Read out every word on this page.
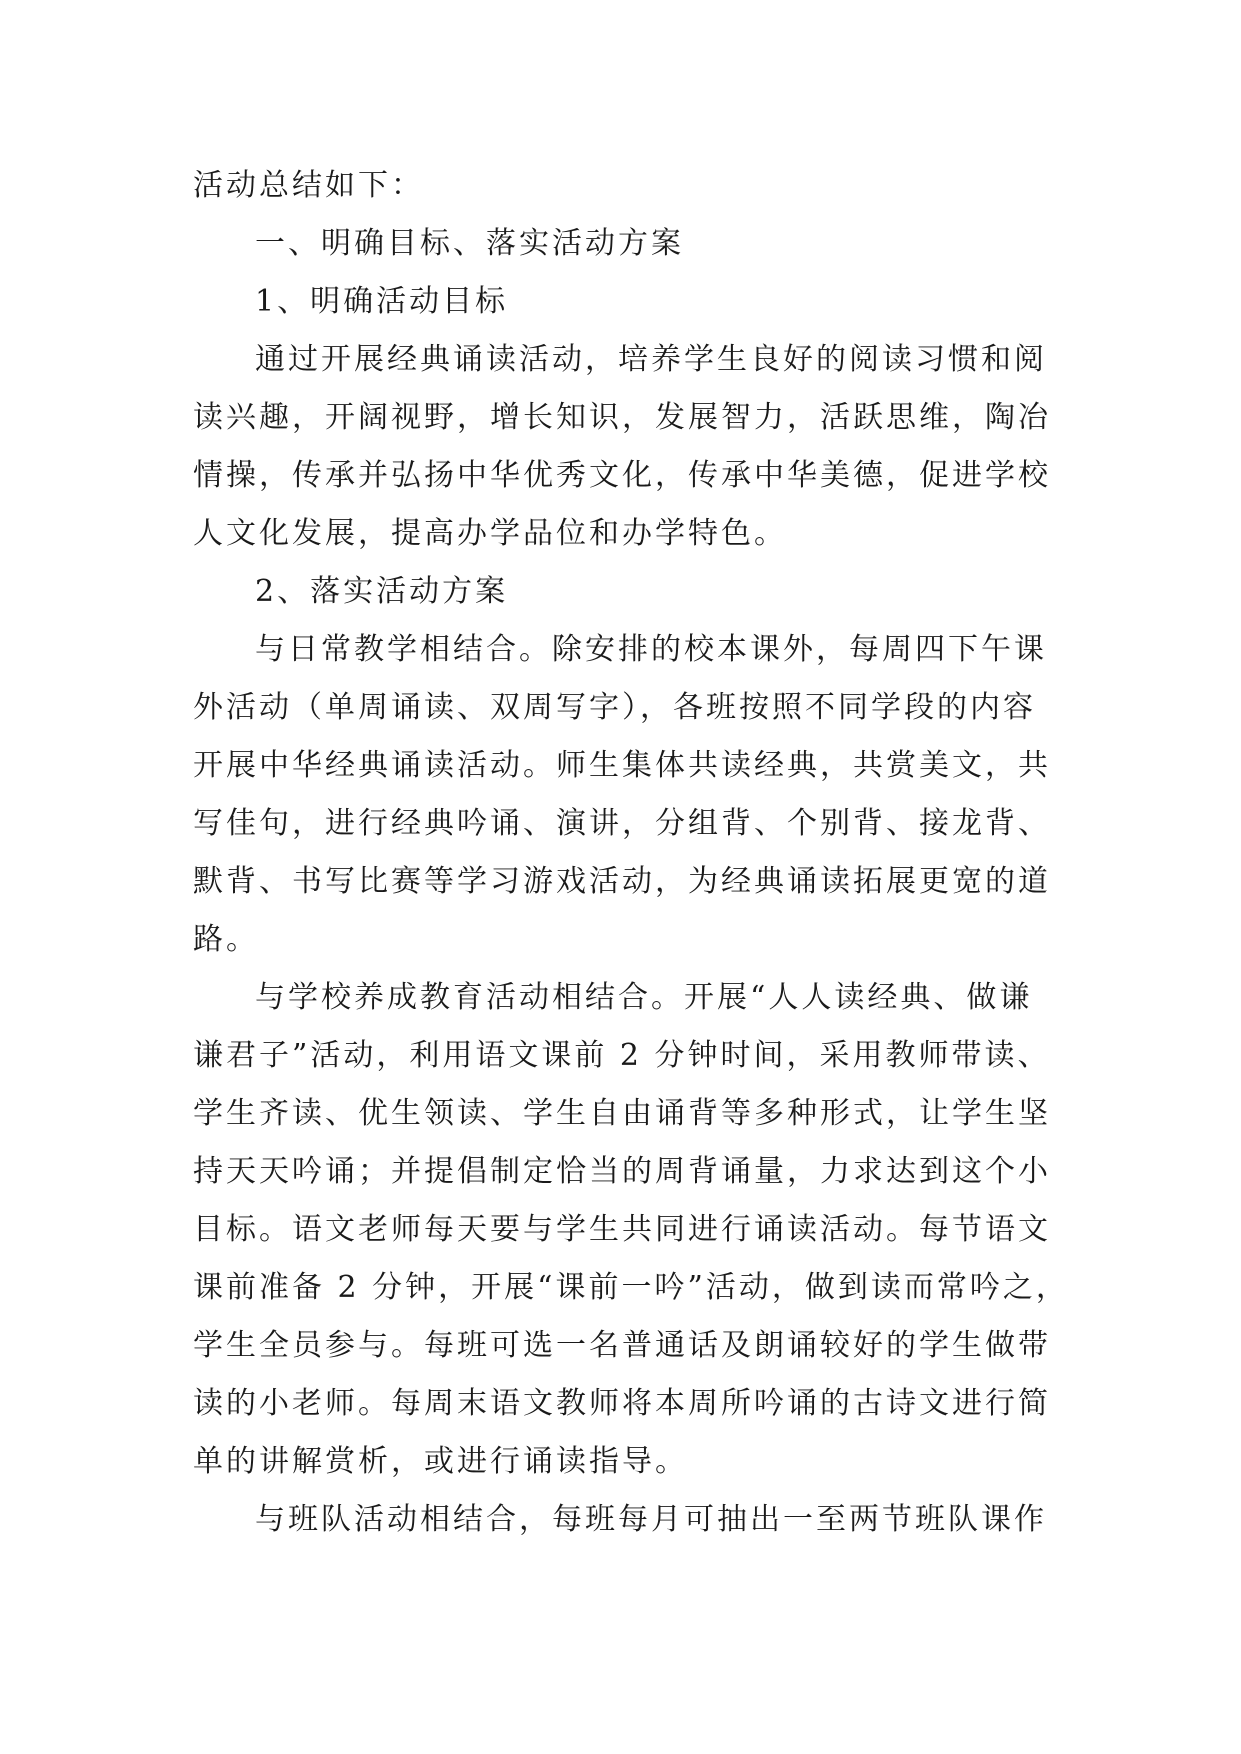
活动总结如下：
一、明确目标、落实活动方案
1、明确活动目标
通过开展经典诵读活动，培养学生良好的阅读习惯和阅
读兴趣，开阔视野，增长知识，发展智力，活跃思维，陶冶
情操，传承并弘扬中华优秀文化，传承中华美德，促进学校
人文化发展，提高办学品位和办学特色。
2、落实活动方案
与日常教学相结合。除安排的校本课外，每周四下午课
外活动（单周诵读、双周写字），各班按照不同学段的内容
开展中华经典诵读活动。师生集体共读经典，共赏美文，共
写佳句，进行经典吟诵、演讲，分组背、个别背、接龙背、
默背、书写比赛等学习游戏活动，为经典诵读拓展更宽的道
路。
与学校养成教育活动相结合。开展“人人读经典、做谦
谦君子”活动，利用语文课前 2 分钟时间，采用教师带读、
学生齐读、优生领读、学生自由诵背等多种形式，让学生坚
持天天吟诵；并提倡制定恰当的周背诵量，力求达到这个小
目标。语文老师每天要与学生共同进行诵读活动。每节语文
课前准备 2 分钟，开展“课前一吟”活动，做到读而常吟之，
学生全员参与。每班可选一名普通话及朗诵较好的学生做带
读的小老师。每周末语文教师将本周所吟诵的古诗文进行简
单的讲解赏析，或进行诵读指导。
与班队活动相结合，每班每月可抽出一至两节班队课作
